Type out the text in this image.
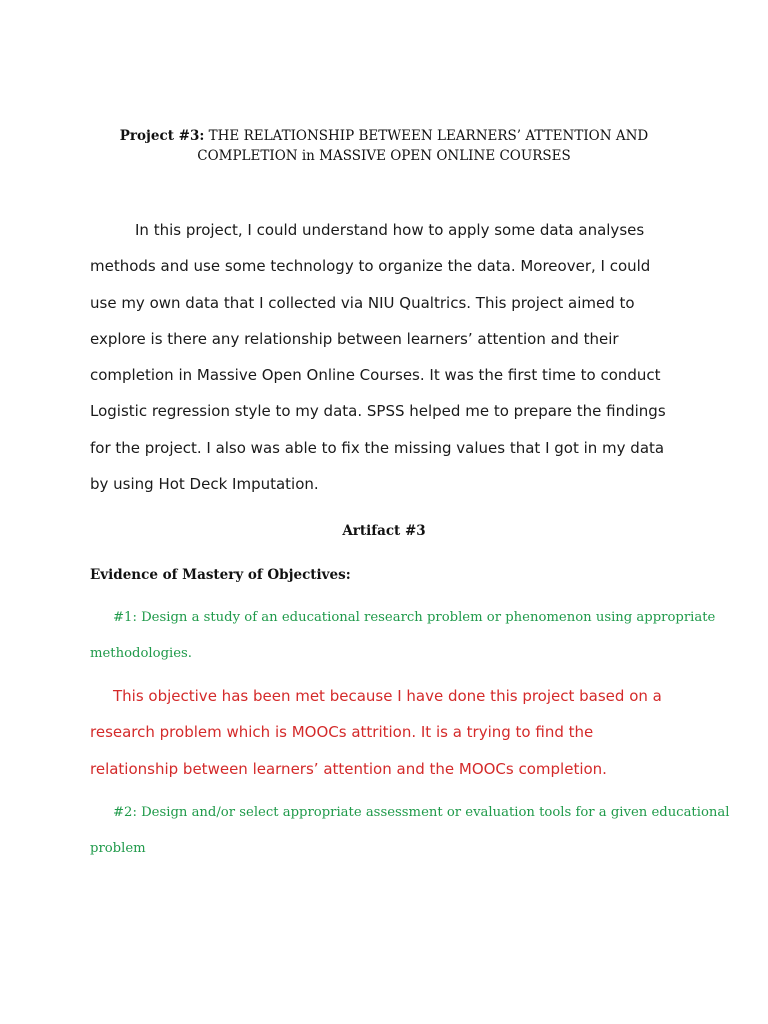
Project #3: THE RELATIONSHIP BETWEEN LEARNERS’ ATTENTION AND
COMPLETION in MASSIVE OPEN ONLINE COURSES
In this project, I could understand how to apply some data analyses
methods and use some technology to organize the data. Moreover, I could
use my own data that I collected via NIU Qualtrics. This project aimed to
explore is there any relationship between learners’ attention and their
completion in Massive Open Online Courses. It was the first time to conduct
Logistic regression style to my data. SPSS helped me to prepare the findings
for the project. I also was able to fix the missing values that I got in my data
by using Hot Deck Imputation.
Artifact #3
Evidence of Mastery of Objectives:
#1: Design a study of an educational research problem or phenomenon using appropriate
methodologies.
This objective has been met because I have done this project based on a
research problem which is MOOCs attrition. It is a trying to find the
relationship between learners’ attention and the MOOCs completion.
#2: Design and/or select appropriate assessment or evaluation tools for a given educational
problem
